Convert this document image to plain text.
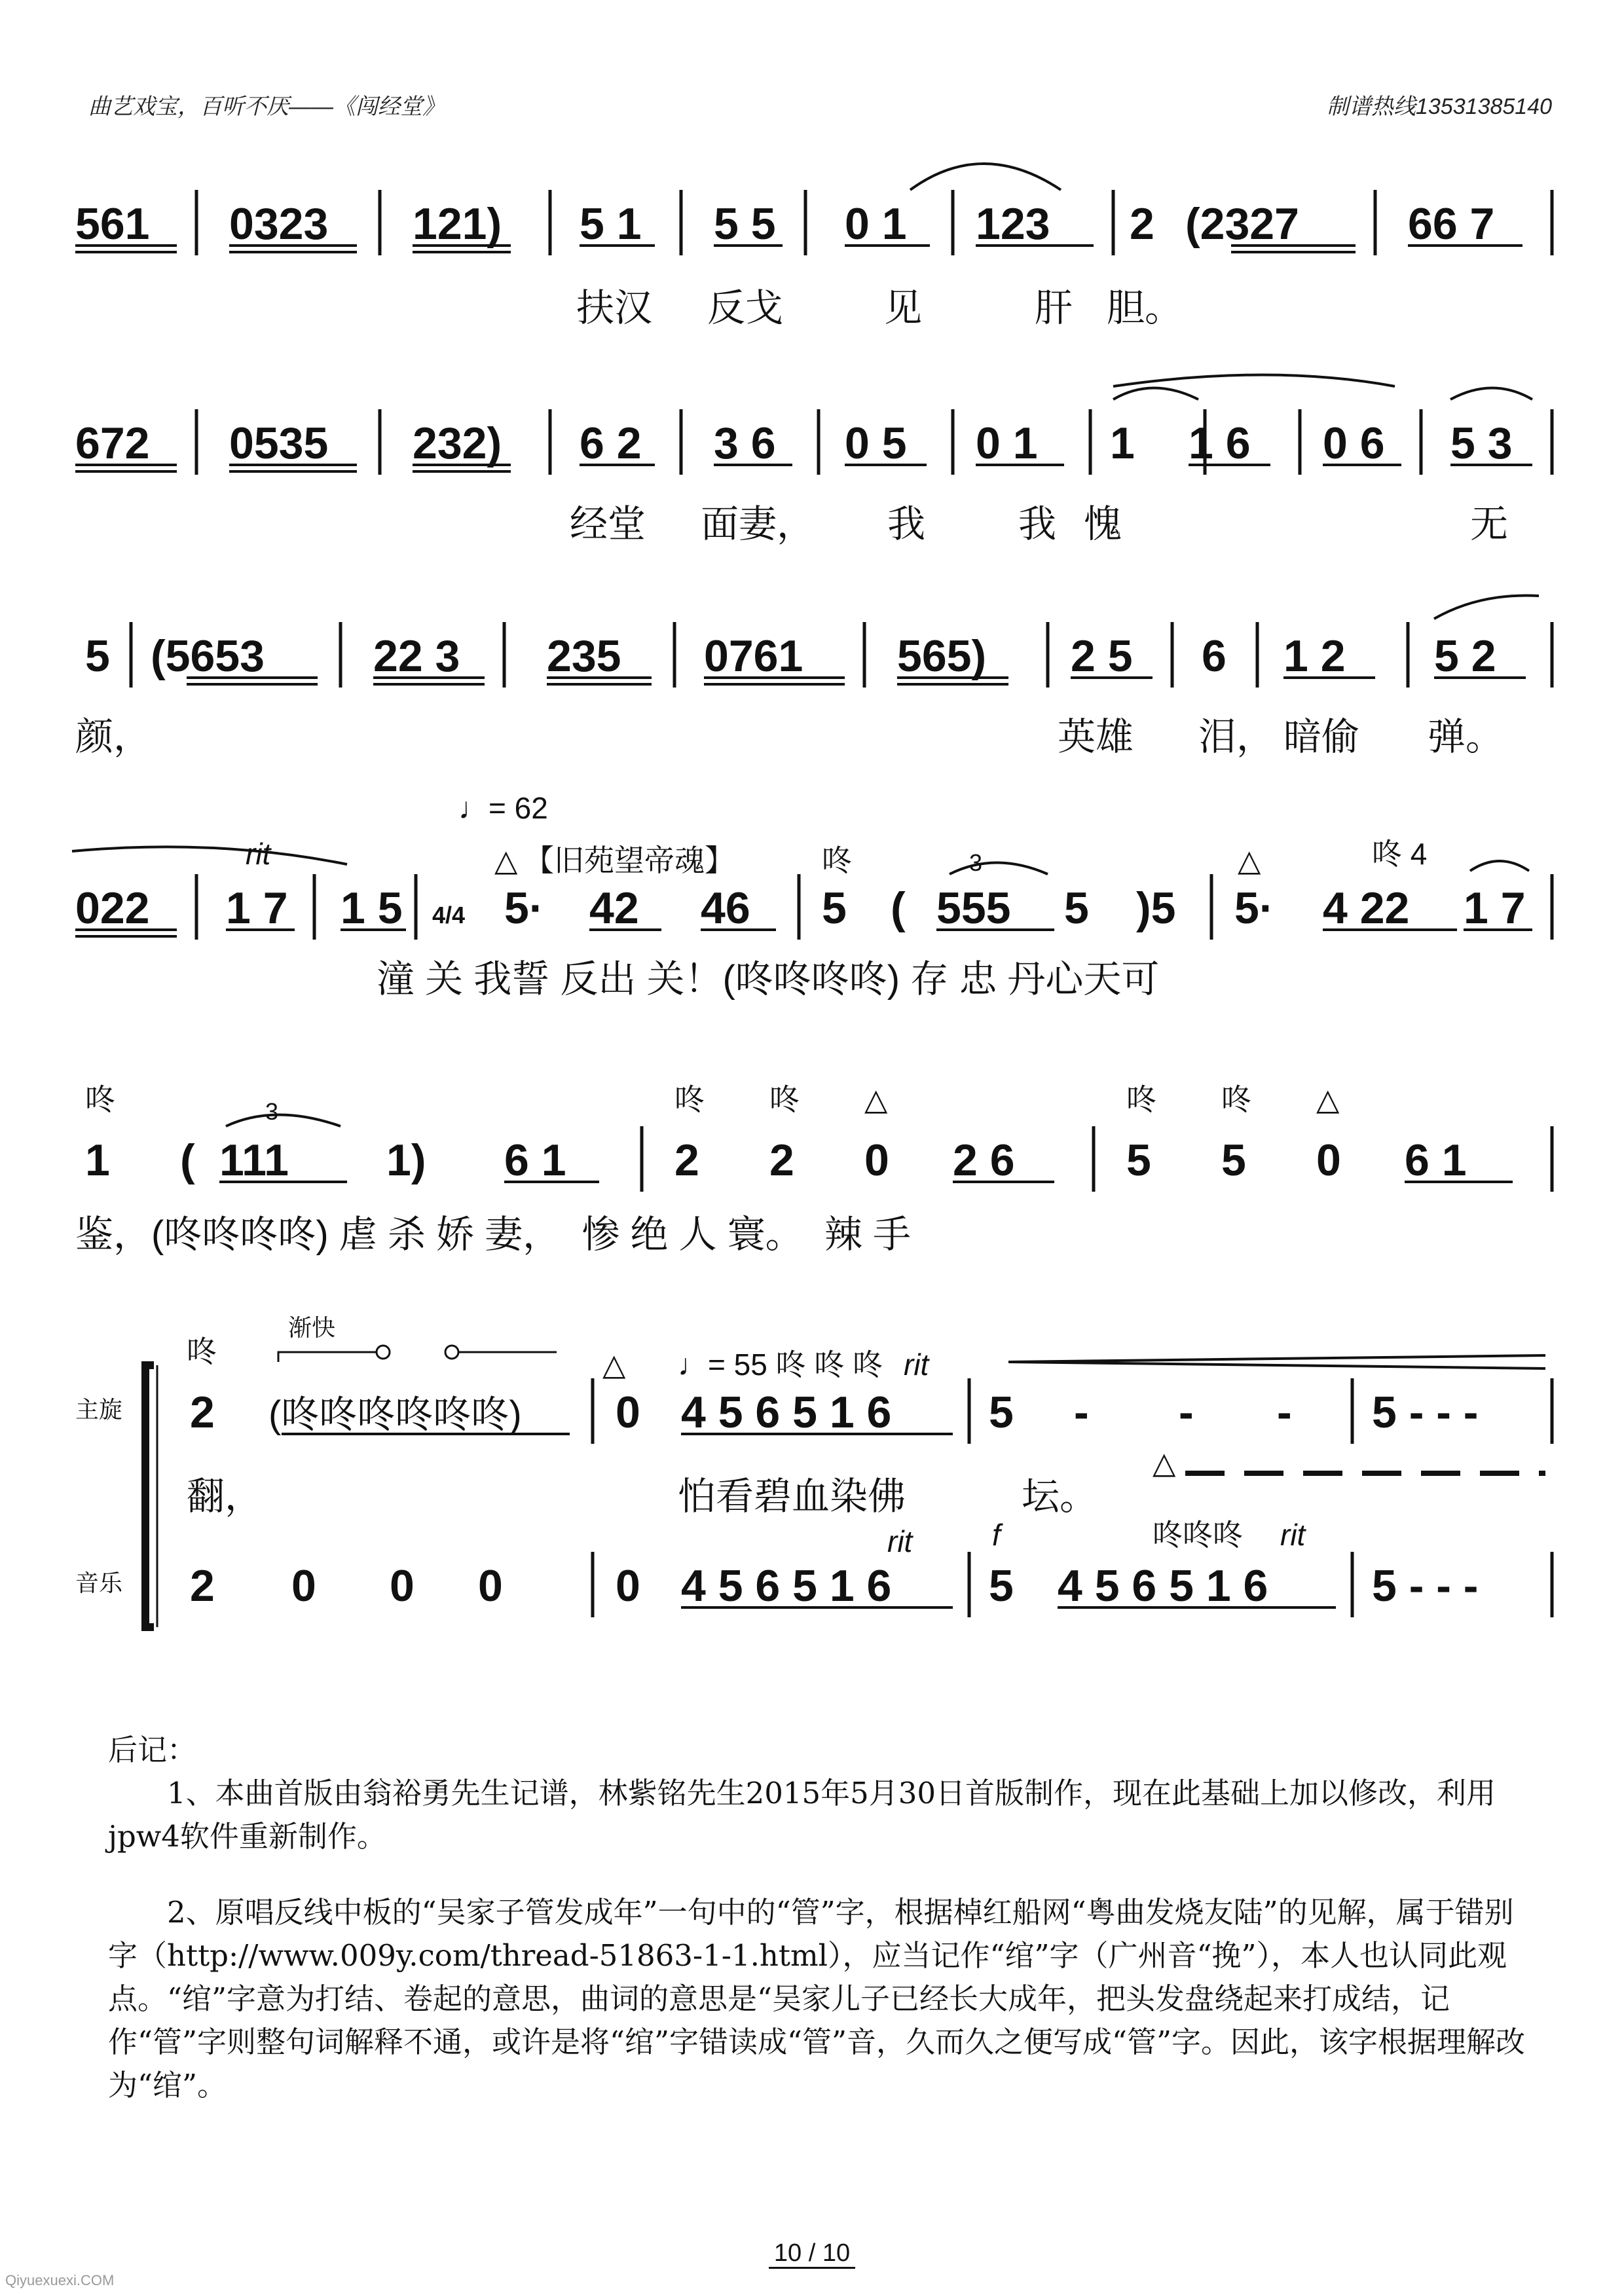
曲艺戏宝，百听不厌——《闯经堂》	制谱热线13531385140
561 0323 121) 5 1 5 5 0 1 123 2 (2327 66 7
扶汉 反戈	见	肝 胆。
672 0535 232) 6 2 3 6 0 5 0 1 1 1 6 0 6 5 3
经堂 面妻， 我 我 愧	无
5 (5653 22 3 235 0761 565) 2 5 6 1 2 5 2
颜，	英雄 泪， 暗偷 弹。
♩= 62
rit	△ 【旧苑望帝魂】	咚	3	△	咚 4
022 1 7 1 5 4/4 5· 42 46 5 ( 555 5 )5 5· 4 22 1 7
潼 关 我誓 反出 关！(咚咚咚咚) 存 忠 丹心天可
咚	咚 咚	咚 咚
△	△
3
1 ( 111 1) 6 1 2 2 0 2 6	5 5 0 6 1
鉴，(咚咚咚咚) 虐 杀 娇 妻，  惨 绝 人 寰。  辣 手
主旋
音乐
咚
渐快
△ ♩= 55 咚 咚 咚 rit
2	0 4 5 6 5 1 6 5 - - - 5 - - -
(咚咚咚咚咚咚)
翻，	怕看碧血染佛	坛。
△
rit	f	咚咚咚 rit
2 0 0 0	0 4 5 6 5 1 6 5 4 5 6 5 1 6 5 - - -

后记：

1、本曲首版由翁裕勇先生记谱，林紫铭先生2015年5月30日首版制作，现在此基础上加以修改，利用jpw4软件重新制作。

2、原唱反线中板的“吴家子管发成年”一句中的“管”字，根据棹红船网“粤曲发烧友陆”的见解，属于错别字（http://www.009y.com/thread-51863-1-1.html），应当记作“绾”字（广州音“挽”），本人也认同此观点。“绾”字意为打结、卷起的意思，曲词的意思是“吴家儿子已经长大成年，把头发盘绕起来打成结，记作“管”字则整句词解释不通，或许是将“绾”字错读成“管”音，久而久之便写成“管”字。因此，该字根据理解改为“绾”。

10 / 10
Qiyuexuexi.COM
